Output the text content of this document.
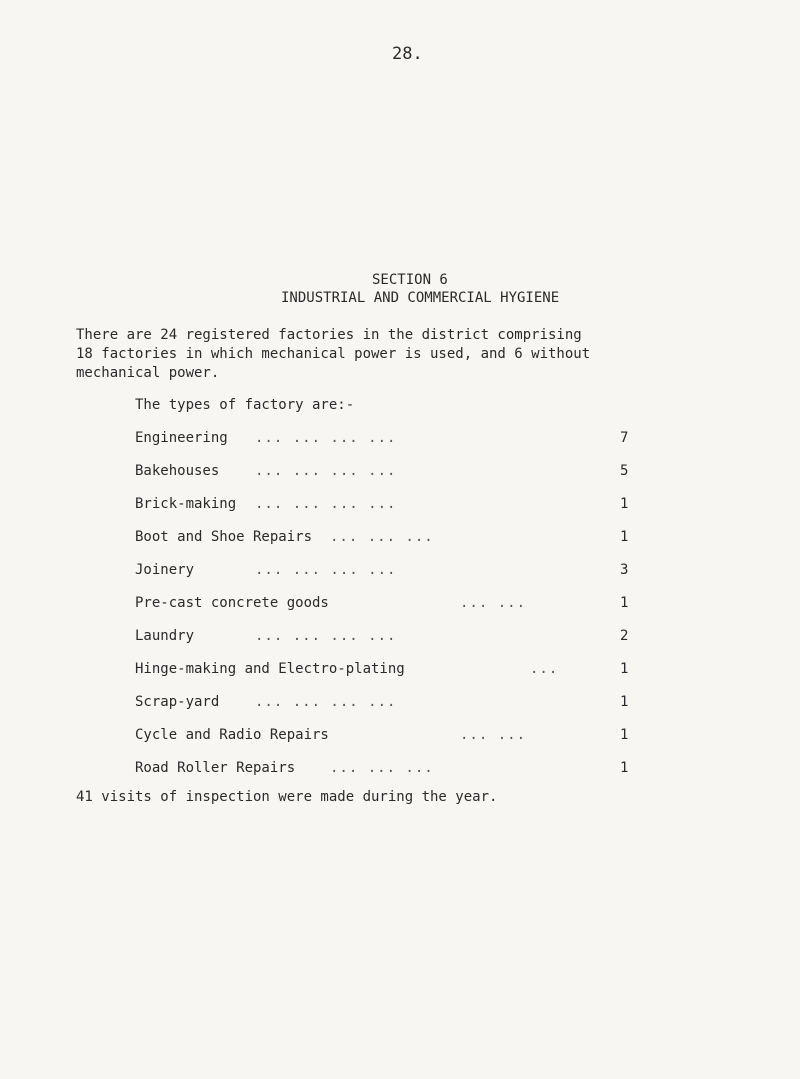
28.
SECTION 6
INDUSTRIAL AND COMMERCIAL HYGIENE

There are 24 registered factories in the district comprising
18 factories in which mechanical power is used, and 6 without
mechanical power.

The types of factory are:-
Engineering ... ... ... ...	7
Bakehouses	... ... ... ...	5
Brick-making ... ... ... ...	1
Boot and Shoe Repairs ... ... ...	1
Joinery	... ... ... ...	3
Pre-cast concrete goods	... ...	1
Laundry	... ... ... ...	2
Hinge-making and Electro-plating	...	1
Scrap-yard	... ... ... ...	1
Cycle and Radio Repairs	... ...	1
Road Roller Repairs ... ... ...	1
41 visits of inspection were made during the year.
